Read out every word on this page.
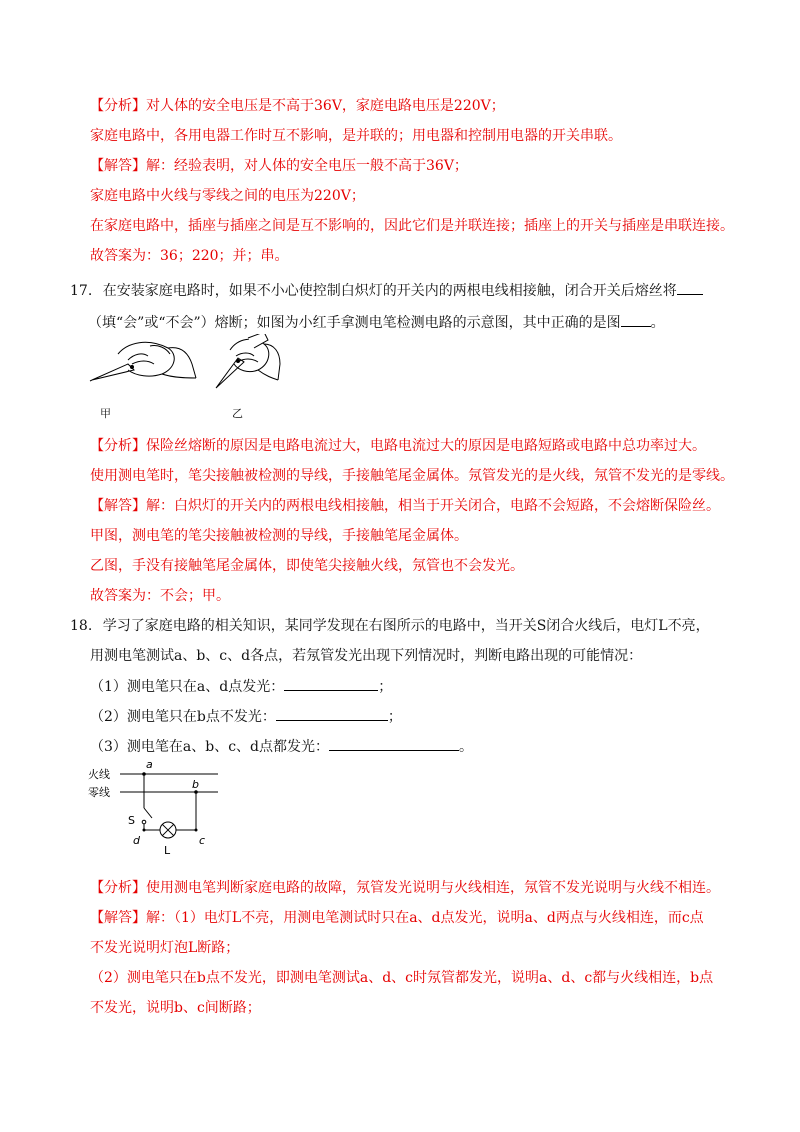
【分析】对人体的安全电压是不高于36V，家庭电路电压是220V；
家庭电路中，各用电器工作时互不影响，是并联的；用电器和控制用电器的开关串联。
【解答】解：经验表明，对人体的安全电压一般不高于36V；
家庭电路中火线与零线之间的电压为220V；
在家庭电路中，插座与插座之间是互不影响的，因此它们是并联连接；插座上的开关与插座是串联连接。
故答案为：36；220；并；串。
17. 在安装家庭电路时，如果不小心使控制白炽灯的开关内的两根电线相接触，闭合开关后熔丝将
（填“会”或“不会”）熔断；如图为小红手拿测电笔检测电路的示意图，其中正确的是图 。
甲	乙
【分析】保险丝熔断的原因是电路电流过大，电路电流过大的原因是电路短路或电路中总功率过大。
使用测电笔时，笔尖接触被检测的导线，手接触笔尾金属体。氖管发光的是火线，氖管不发光的是零线。
【解答】解：白炽灯的开关内的两根电线相接触，相当于开关闭合，电路不会短路，不会熔断保险丝。
甲图，测电笔的笔尖接触被检测的导线，手接触笔尾金属体。
乙图，手没有接触笔尾金属体，即使笔尖接触火线，氖管也不会发光。
故答案为：不会；甲。
18. 学习了家庭电路的相关知识，某同学发现在右图所示的电路中，当开关S闭合火线后，电灯L不亮，
用测电笔测试a、b、c、d各点，若氖管发光出现下列情况时，判断电路出现的可能情况：
（1）测电笔只在a、d点发光：	；
（2）测电笔只在b点不发光：	；
（3）测电笔在a、b、c、d点都发光：	。
火线
零线
a
b
c
d
S
L
【分析】使用测电笔判断家庭电路的故障，氖管发光说明与火线相连，氖管不发光说明与火线不相连。
【解答】解：（1）电灯L不亮，用测电笔测试时只在a、d点发光，说明a、d两点与火线相连，而c点
不发光说明灯泡L断路；
（2）测电笔只在b点不发光，即测电笔测试a、d、c时氖管都发光，说明a、d、c都与火线相连，b点
不发光，说明b、c间断路；
